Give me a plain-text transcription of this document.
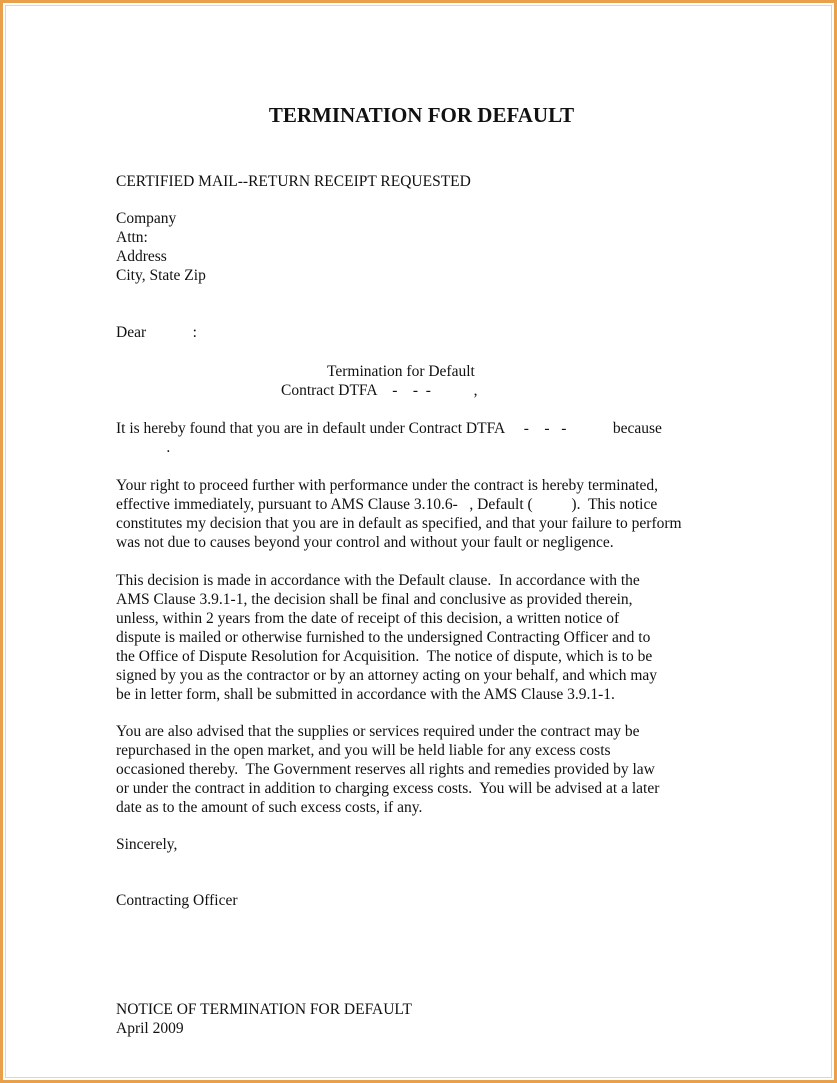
TERMINATION FOR DEFAULT
CERTIFIED MAIL--RETURN RECEIPT REQUESTED
Company
Attn:
Address
City, State Zip
Dear            :
Termination for Default
Contract DTFA    -    -  -           ,
It is hereby found that you are in default under Contract DTFA     -    -   -            because
.
Your right to proceed further with performance under the contract is hereby terminated,
effective immediately, pursuant to AMS Clause 3.10.6-   , Default (          ).  This notice
constitutes my decision that you are in default as specified, and that your failure to perform
was not due to causes beyond your control and without your fault or negligence.
This decision is made in accordance with the Default clause.  In accordance with the
AMS Clause 3.9.1-1, the decision shall be final and conclusive as provided therein,
unless, within 2 years from the date of receipt of this decision, a written notice of
dispute is mailed or otherwise furnished to the undersigned Contracting Officer and to
the Office of Dispute Resolution for Acquisition.  The notice of dispute, which is to be
signed by you as the contractor or by an attorney acting on your behalf, and which may
be in letter form, shall be submitted in accordance with the AMS Clause 3.9.1-1.
You are also advised that the supplies or services required under the contract may be
repurchased in the open market, and you will be held liable for any excess costs
occasioned thereby.  The Government reserves all rights and remedies provided by law
or under the contract in addition to charging excess costs.  You will be advised at a later
date as to the amount of such excess costs, if any.
Sincerely,
Contracting Officer
NOTICE OF TERMINATION FOR DEFAULT
April 2009
